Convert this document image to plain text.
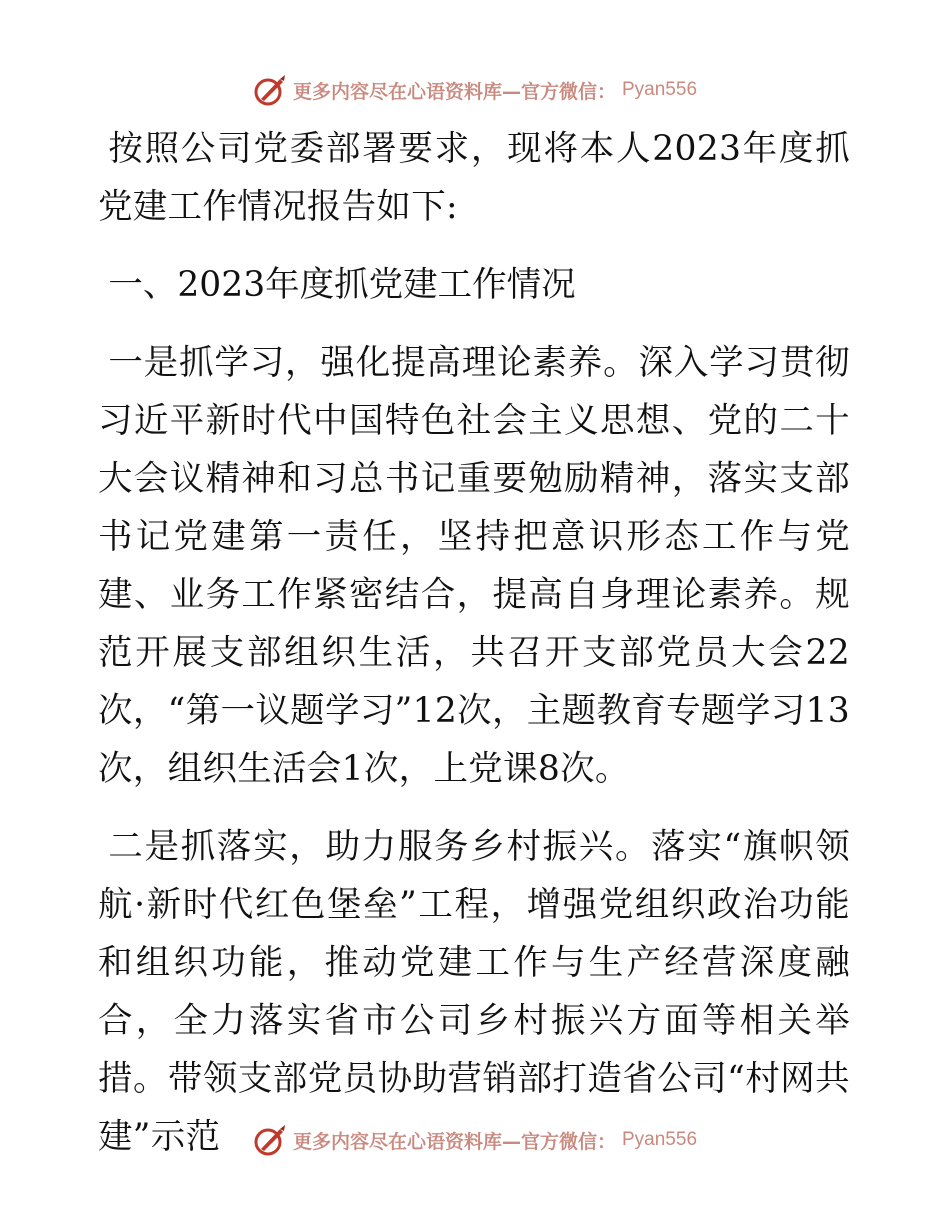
更多内容尽在心语资料库—官方微信： Pyan556

按照公司党委部署要求，现将本人2023年度抓党建工作情况报告如下:

一、2023年度抓党建工作情况

一是抓学习，强化提高理论素养。深入学习贯彻习近平新时代中国特色社会主义思想、党的二十大会议精神和习总书记重要勉励精神，落实支部书记党建第一责任，坚持把意识形态工作与党建、业务工作紧密结合，提高自身理论素养。规范开展支部组织生活，共召开支部党员大会22次，“第一议题学习”12次，主题教育专题学习13次，组织生活会1次，上党课8次。

二是抓落实，助力服务乡村振兴。落实“旗帜领航·新时代红色堡垒”工程，增强党组织政治功能和组织功能，推动党建工作与生产经营深度融合，全力落实省市公司乡村振兴方面等相关举措。带领支部党员协助营销部打造省公司“村网共建”示范	更多内容尽在心语资料库—官方微信： Pyan556
